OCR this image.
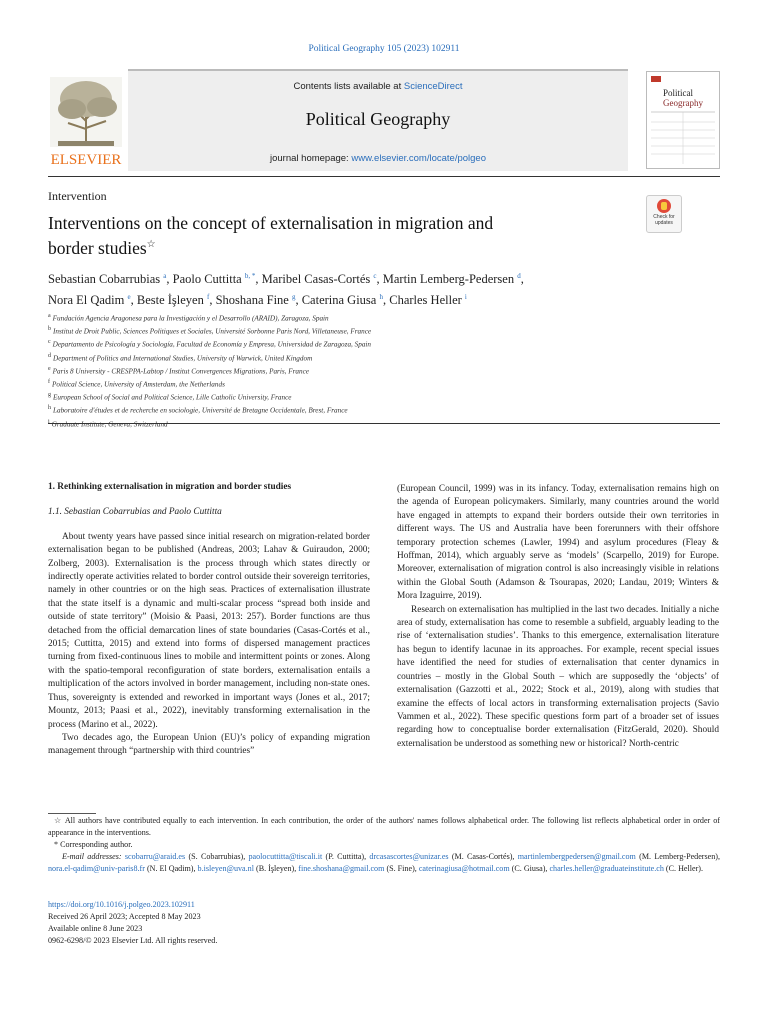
Political Geography 105 (2023) 102911
ELSEVIER
Contents lists available at ScienceDirect
Political Geography
journal homepage: www.elsevier.com/locate/polgeo
Political
Geography
Intervention
Interventions on the concept of externalisation in migration and
border studies☆
Check for
updates
Sebastian Cobarrubias $^a$, Paolo Cuttitta $^{b, *}$, Maribel Casas-Cortés $^c$, Martin Lemberg-Pedersen $^d$,
Nora El Qadim $^e$, Beste İşleyen $^f$, Shoshana Fine $^g$, Caterina Giusa $^h$, Charles Heller $^i$
$^a$ Fundación Agencia Aragonesa para la Investigación y el Desarrollo (ARAID), Zaragoza, Spain
$^b$ Institut de Droit Public, Sciences Politiques et Sociales, Université Sorbonne Paris Nord, Villetaneuse, France
$^c$ Departamento de Psicología y Sociología, Facultad de Economía y Empresa, Universidad de Zaragoza, Spain
$^d$ Department of Politics and International Studies, University of Warwick, United Kingdom
$^e$ Paris 8 University - CRESPPA-Labtop / Institut Convergences Migrations, Paris, France
$^f$ Political Science, University of Amsterdam, the Netherlands
$^g$ European School of Social and Political Science, Lille Catholic University, France
$^h$ Laboratoire d'études et de recherche en sociologie, Université de Bretagne Occidentale, Brest, France
$^i$ Graduate Institute, Geneva, Switzerland

1. Rethinking externalisation in migration and border studies

1.1. Sebastian Cobarrubias and Paolo Cuttitta

About twenty years have passed since initial research on migration-related border externalisation began to be published (Andreas, 2003; Lahav & Guiraudon, 2000; Zolberg, 2003). Externalisation is the process through which states directly or indirectly operate activities related to border control outside their sovereign territories, namely in other countries or on the high seas. Practices of externalisation illustrate that the state itself is a dynamic and multi-scalar process “spread both inside and outside of state territory” (Moisio & Paasi, 2013: 257). Border functions are thus detached from the official demarcation lines of state boundaries (Casas-Cortés et al., 2015; Cuttitta, 2015) and extend into forms of dispersed management practices turning from fixed-continuous lines to mobile and intermittent points or zones. Along with the spatio-temporal reconfiguration of state borders, externalisation entails a multiplication of the actors involved in border management, including non-state ones. Thus, sovereignty is extended and reworked in important ways (Jones et al., 2017; Mountz, 2013; Paasi et al., 2022), inevitably transforming externalisation in the process (Marino et al., 2022).

Two decades ago, the European Union (EU)’s policy of expanding migration management through “partnership with third countries”

(European Council, 1999) was in its infancy. Today, externalisation remains high on the agenda of European policymakers. Similarly, many countries around the world have engaged in attempts to expand their borders outside their own territories in different ways. The US and Australia have been forerunners with their offshore temporary protection schemes (Lawler, 1994) and asylum procedures (Fleay & Hoffman, 2014), which arguably serve as ‘models’ (Scarpello, 2019) for Europe. Moreover, externalisation of migration control is also increasingly visible in relations within the Global South (Adamson & Tsourapas, 2020; Landau, 2019; Winters & Mora Izaguirre, 2019).

Research on externalisation has multiplied in the last two decades. Initially a niche area of study, externalisation has come to resemble a subfield, arguably leading to the rise of ‘externalisation studies’. Thanks to this emergence, externalisation literature has begun to identify lacunae in its approaches. For example, recent special issues have identified the need for studies of externalisation that center dynamics in countries – mostly in the Global South – which are supposedly the ‘objects’ of externalisation (Gazzotti et al., 2022; Stock et al., 2019), along with studies that examine the effects of local actors in transforming externalisation projects (Savio Vammen et al., 2022). These specific questions form part of a broader set of issues regarding how to conceptualise border externalisation (FitzGerald, 2020). Should externalisation be understood as something new or historical? North-centric

☆ All authors have contributed equally to each intervention. In each contribution, the order of the authors' names follows alphabetical order. The following list reflects alphabetical order in order of appearance in the interventions.
* Corresponding author.
E-mail addresses: scobarru@araid.es (S. Cobarrubias), paolocuttitta@tiscali.it (P. Cuttitta), drcasascortes@unizar.es (M. Casas-Cortés), martinlembergpedersen@gmail.com (M. Lemberg-Pedersen), nora.el-qadim@univ-paris8.fr (N. El Qadim), b.isleyen@uva.nl (B. İşleyen), fine.shoshana@gmail.com (S. Fine), caterinagiusa@hotmail.com (C. Giusa), charles.heller@graduateinstitute.ch (C. Heller).
https://doi.org/10.1016/j.polgeo.2023.102911
Received 26 April 2023; Accepted 8 May 2023
Available online 8 June 2023
0962-6298/© 2023 Elsevier Ltd. All rights reserved.
